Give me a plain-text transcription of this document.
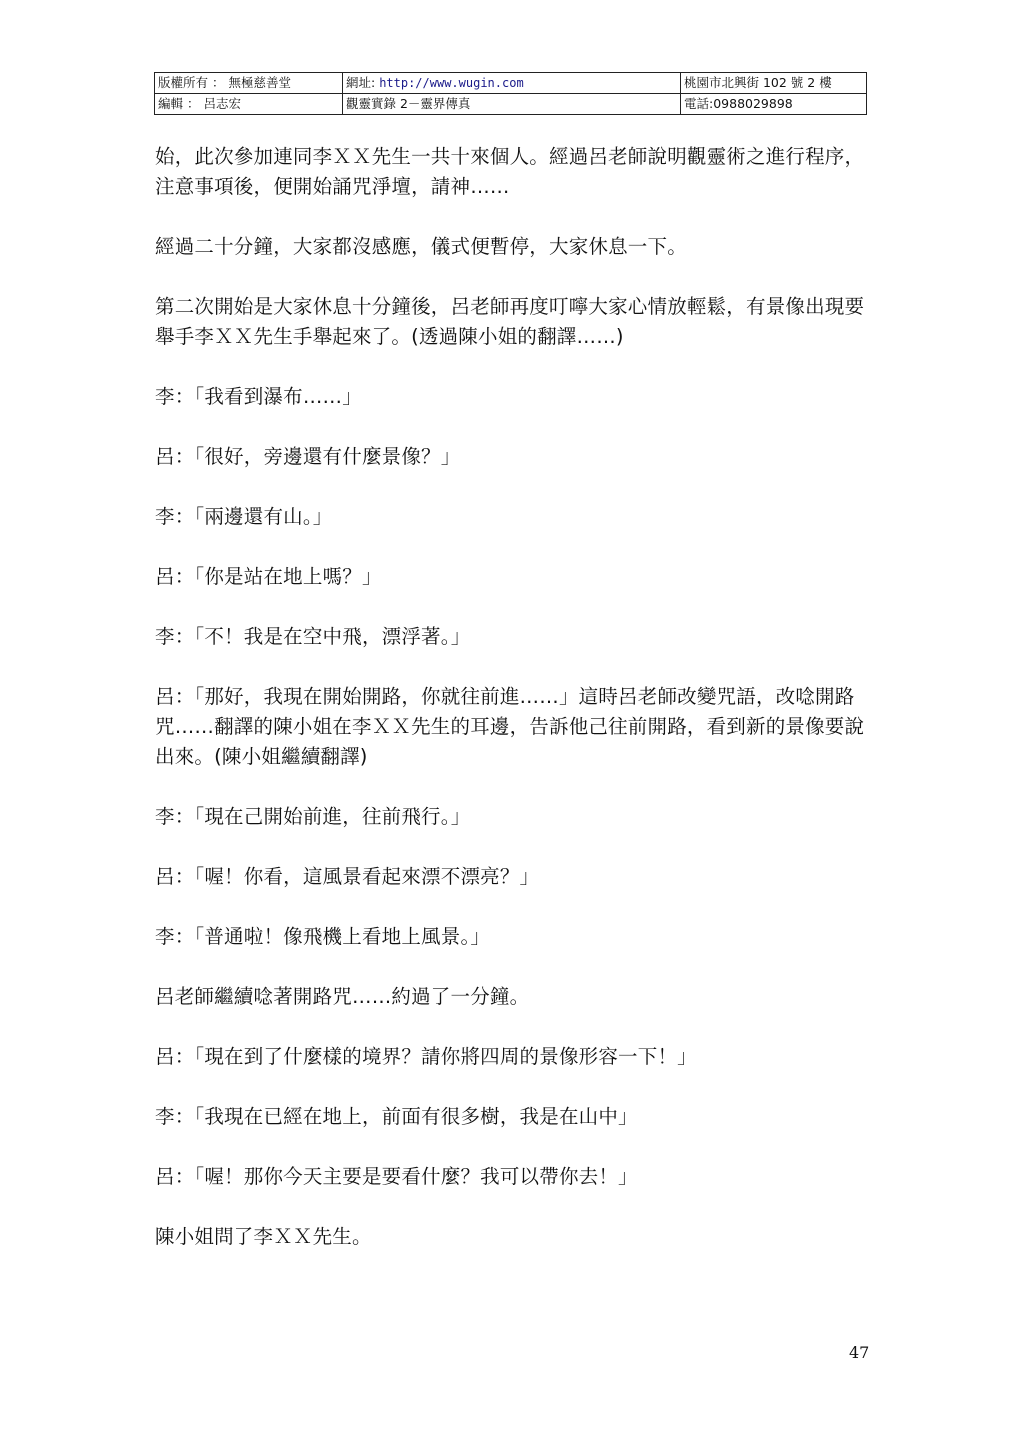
版權所有 ： 無極慈善堂	網址: http://www.wugin.com	桃園市北興街 102 號 2 樓
編輯 ： 呂志宏	觀靈實錄 2－靈界傳真	電話:0988029898

始，此次參加連同李ＸＸ先生一共十來個人。經過呂老師說明觀靈術之進行程序，注意事項後，便開始誦咒淨壇，請神……

經過二十分鐘，大家都沒感應，儀式便暫停，大家休息一下。

第二次開始是大家休息十分鐘後，呂老師再度叮嚀大家心情放輕鬆，有景像出現要舉手李ＸＸ先生手舉起來了。(透過陳小姐的翻譯……)

李：「我看到瀑布……」

呂：「很好，旁邊還有什麼景像？」

李：「兩邊還有山。」

呂：「你是站在地上嗎？」

李：「不！我是在空中飛，漂浮著。」

呂：「那好，我現在開始開路，你就往前進……」這時呂老師改變咒語，改唸開路咒……翻譯的陳小姐在李ＸＸ先生的耳邊，告訴他己往前開路，看到新的景像要說出來。(陳小姐繼續翻譯)

李：「現在己開始前進，往前飛行。」

呂：「喔！你看，這風景看起來漂不漂亮？」

李：「普通啦！像飛機上看地上風景。」

呂老師繼續唸著開路咒……約過了一分鐘。

呂：「現在到了什麼樣的境界？請你將四周的景像形容一下！」

李：「我現在已經在地上，前面有很多樹，我是在山中」

呂：「喔！那你今天主要是要看什麼？我可以帶你去！」

陳小姐問了李ＸＸ先生。

47
